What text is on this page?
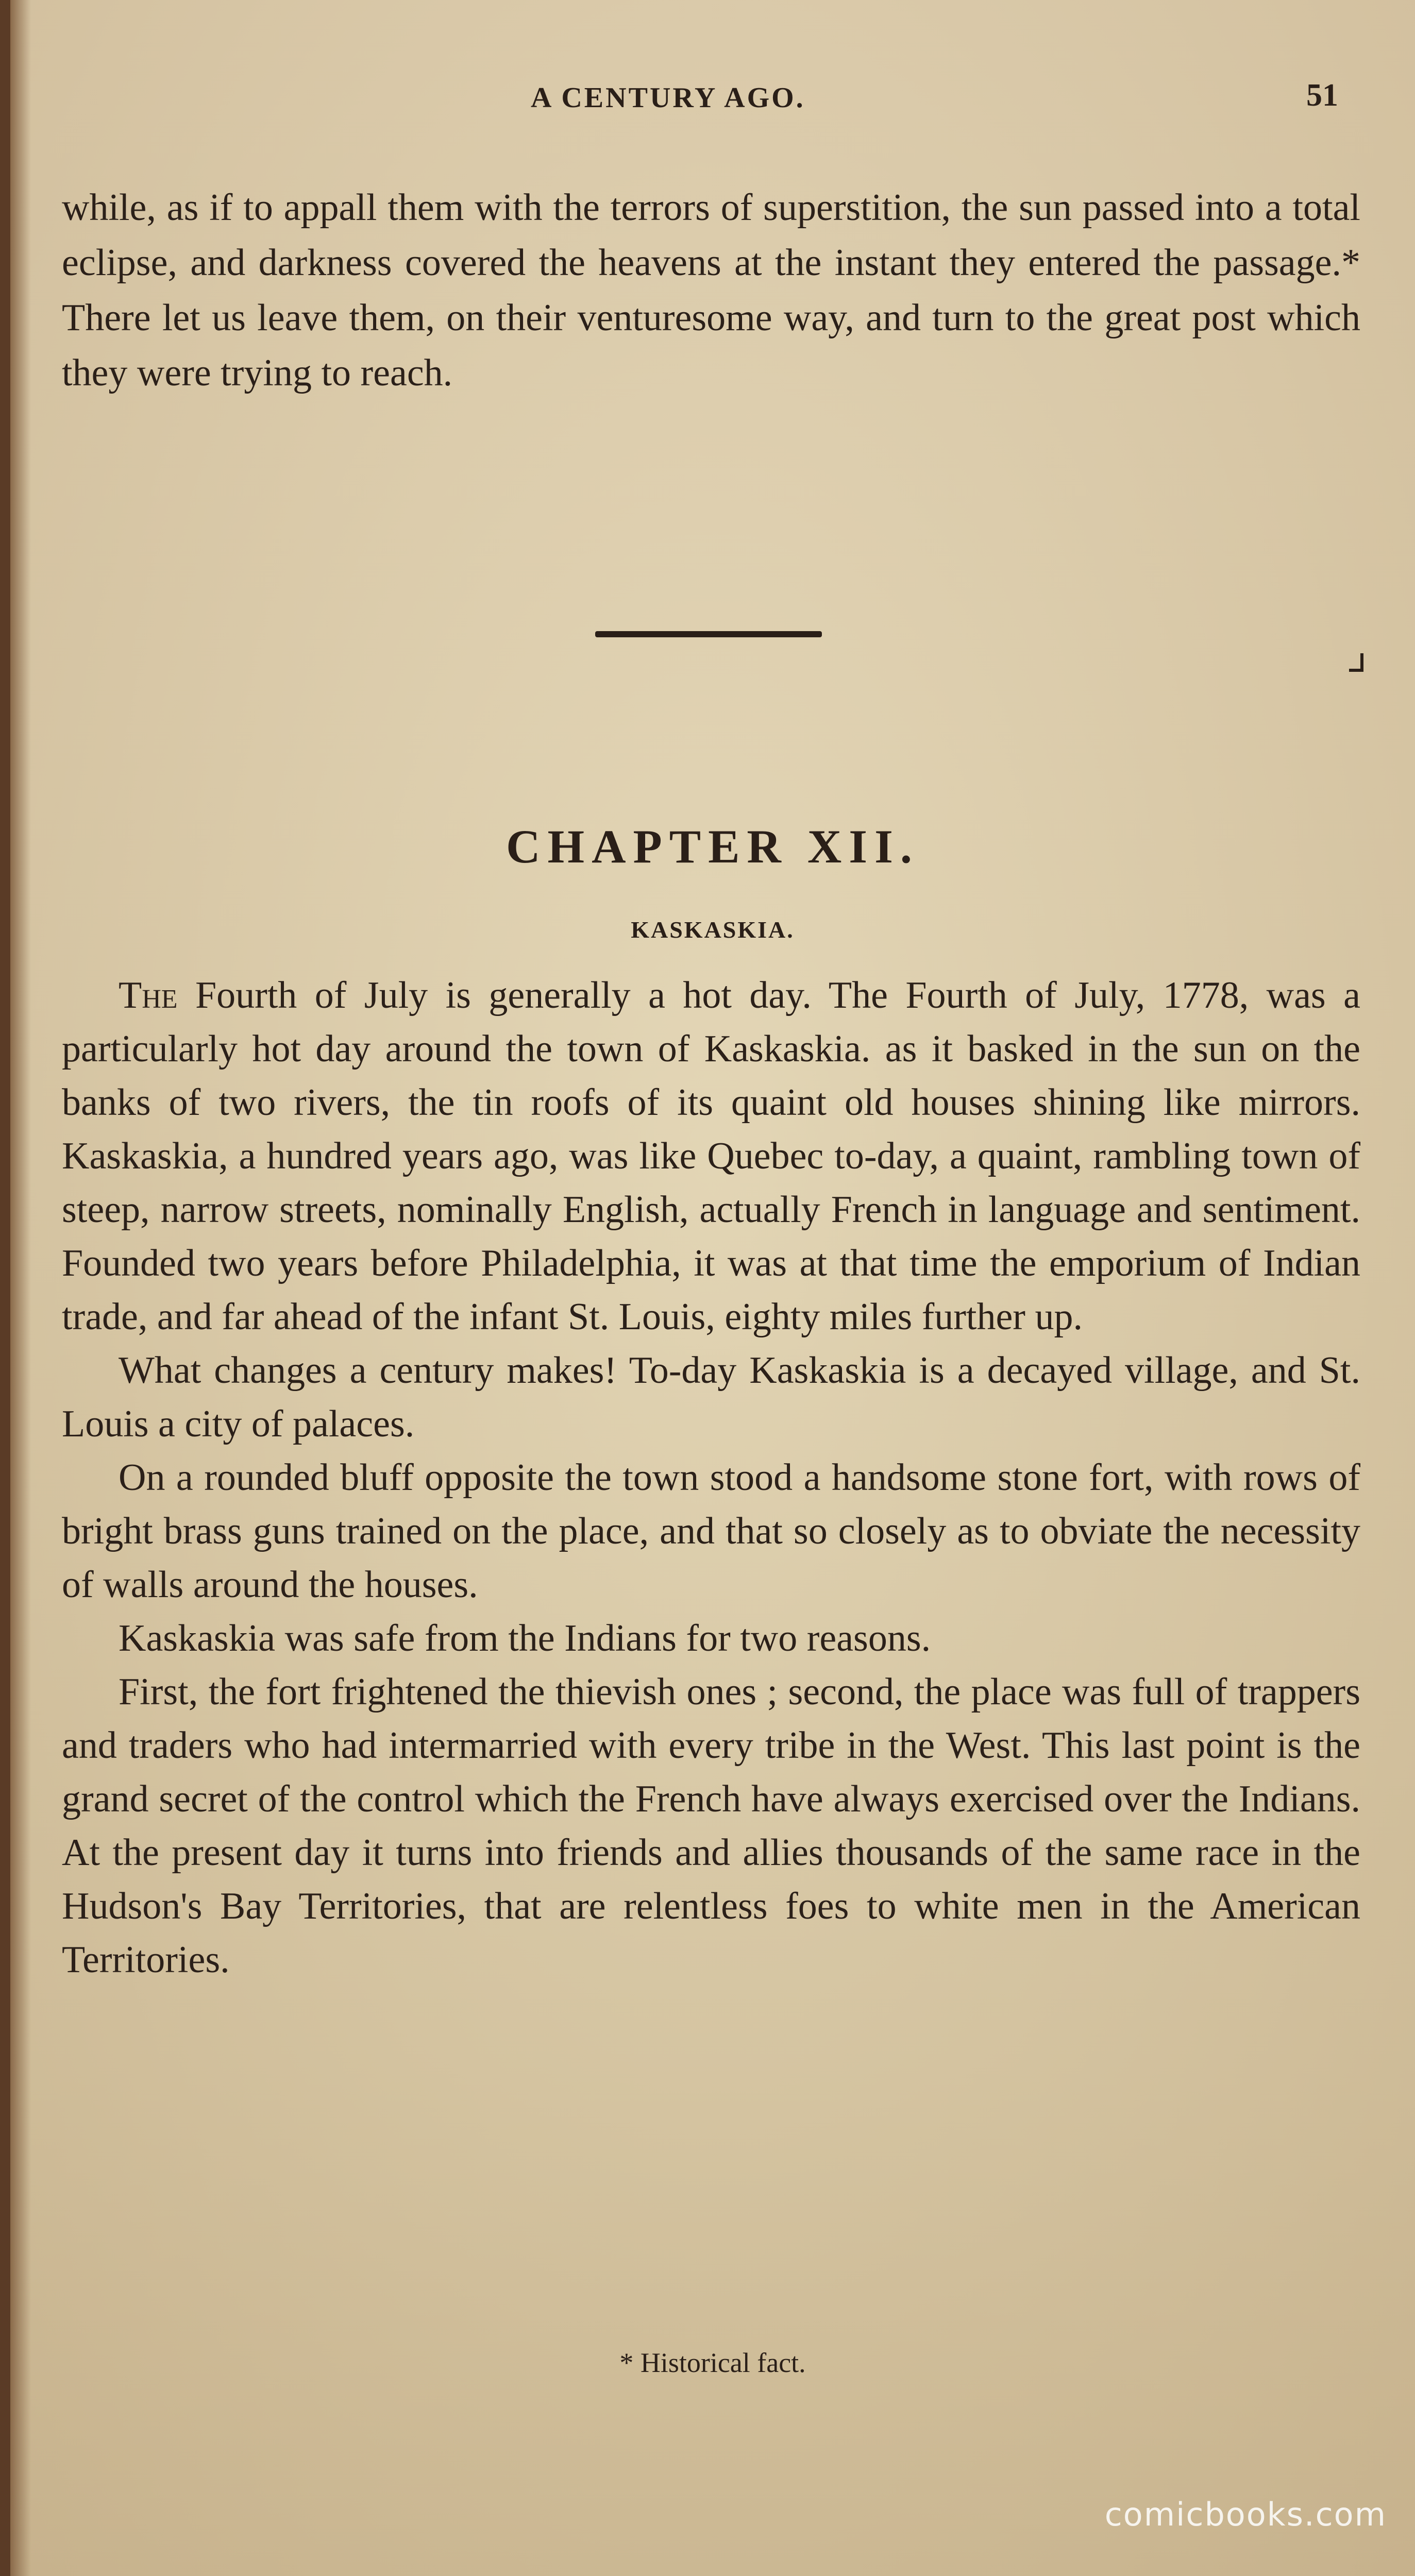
A CENTURY AGO.	51

while, as if to appall them with the terrors of superstition, the sun passed into a total eclipse, and darkness covered the heavens at the instant they entered the passage.* There let us leave them, on their venturesome way, and turn to the great post which they were trying to reach.

CHAPTER XII.
KASKASKIA.

The Fourth of July is generally a hot day. The Fourth of July, 1778, was a particularly hot day around the town of Kaskaskia. as it basked in the sun on the banks of two rivers, the tin roofs of its quaint old houses shining like mirrors. Kaskaskia, a hundred years ago, was like Quebec to-day, a quaint, rambling town of steep, narrow streets, nominally English, actually French in language and sentiment. Founded two years before Philadelphia, it was at that time the emporium of Indian trade, and far ahead of the infant St. Louis, eighty miles further up.

What changes a century makes! To-day Kaskaskia is a decayed village, and St. Louis a city of palaces.

On a rounded bluff opposite the town stood a handsome stone fort, with rows of bright brass guns trained on the place, and that so closely as to obviate the necessity of walls around the houses.

Kaskaskia was safe from the Indians for two reasons.

First, the fort frightened the thievish ones ; second, the place was full of trappers and traders who had intermarried with every tribe in the West. This last point is the grand secret of the control which the French have always exercised over the Indians. At the present day it turns into friends and allies thousands of the same race in the Hudson's Bay Territories, that are relentless foes to white men in the American Territories.

* Historical fact.
comicbooks.com
